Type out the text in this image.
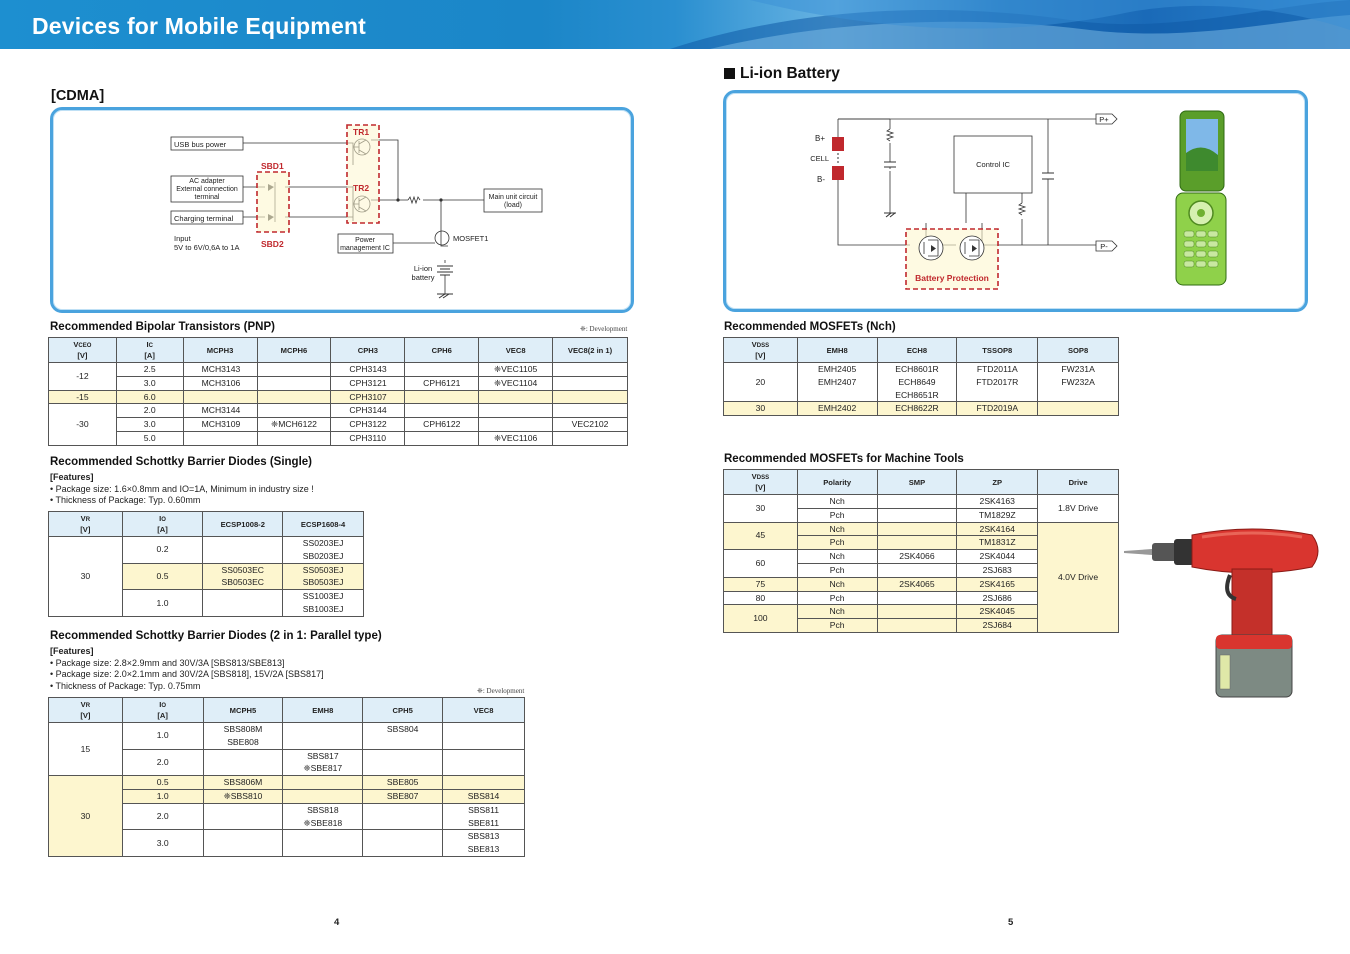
Devices for Mobile Equipment
[CDMA]
USB bus power
AC adapter
External connection
terminal
Charging terminal
Input
5V to 6V/0,6A to 1A
SBD1
SBD2
TR1
TR2
Power
management IC
Main unit circuit
(load)
MOSFET1
Li-ion
battery
Li-ion Battery
B+
CELL
B-
Control IC
P+
P-
Battery Protection
Recommended Bipolar Transistors (PNP)	❈: Development
VCEO
[V]	IC
[A]	MCPH3	MCPH6	CPH3	CPH6	VEC8	VEC8(2 in 1)
-12	2.5	MCH3143		CPH3143		❈VEC1105	
	3.0	MCH3106		CPH3121	CPH6121	❈VEC1104	
-15	6.0			CPH3107			
-30	2.0	MCH3144		CPH3144			
	3.0	MCH3109	❈MCH6122	CPH3122	CPH6122		VEC2102
	5.0			CPH3110		❈VEC1106	
Recommended Schottky Barrier Diodes (Single)
[Features]
• Package size: 1.6×0.8mm and IO=1A, Minimum in industry size !
• Thickness of Package: Typ. 0.60mm
VR
[V]	IO
[A]	ECSP1008-2	ECSP1608-4
30	0.2		SS0203EJ
			SB0203EJ
	0.5	SS0503EC	SS0503EJ
		SB0503EC	SB0503EJ
	1.0		SS1003EJ
			SB1003EJ
Recommended Schottky Barrier Diodes (2 in 1: Parallel type)
[Features]
• Package size: 2.8×2.9mm and 30V/3A [SBS813/SBE813]
• Package size: 2.0×2.1mm and 30V/2A [SBS818], 15V/2A [SBS817]
• Thickness of Package: Typ. 0.75mm
❈: Development
VR
[V]	IO
[A]	MCPH5	EMH8	CPH5	VEC8
15	1.0	SBS808M		SBS804	
		SBE808			
	2.0		SBS817		
			❈SBE817		
30	0.5	SBS806M		SBE805	
	1.0	❈SBS810		SBE807	SBS814
	2.0		SBS818		SBS811
			❈SBE818		SBE811
	3.0				SBS813
					SBE813
Recommended MOSFETs (Nch)
VDSS
[V]	EMH8	ECH8	TSSOP8	SOP8
20	EMH2405	ECH8601R	FTD2011A	FW231A
	EMH2407	ECH8649	FTD2017R	FW232A
		ECH8651R		
30	EMH2402	ECH8622R	FTD2019A	
Recommended MOSFETs for Machine Tools
VDSS
[V]	Polarity	SMP	ZP	Drive
30	Nch		2SK4163	1.8V Drive
	Pch		TM1829Z	
45	Nch		2SK4164	4.0V Drive
	Pch		TM1831Z	
60	Nch	2SK4066	2SK4044	
	Pch		2SJ683	
75	Nch	2SK4065	2SK4165	
80	Pch		2SJ686	
100	Nch		2SK4045	
	Pch		2SJ684	
4	5
